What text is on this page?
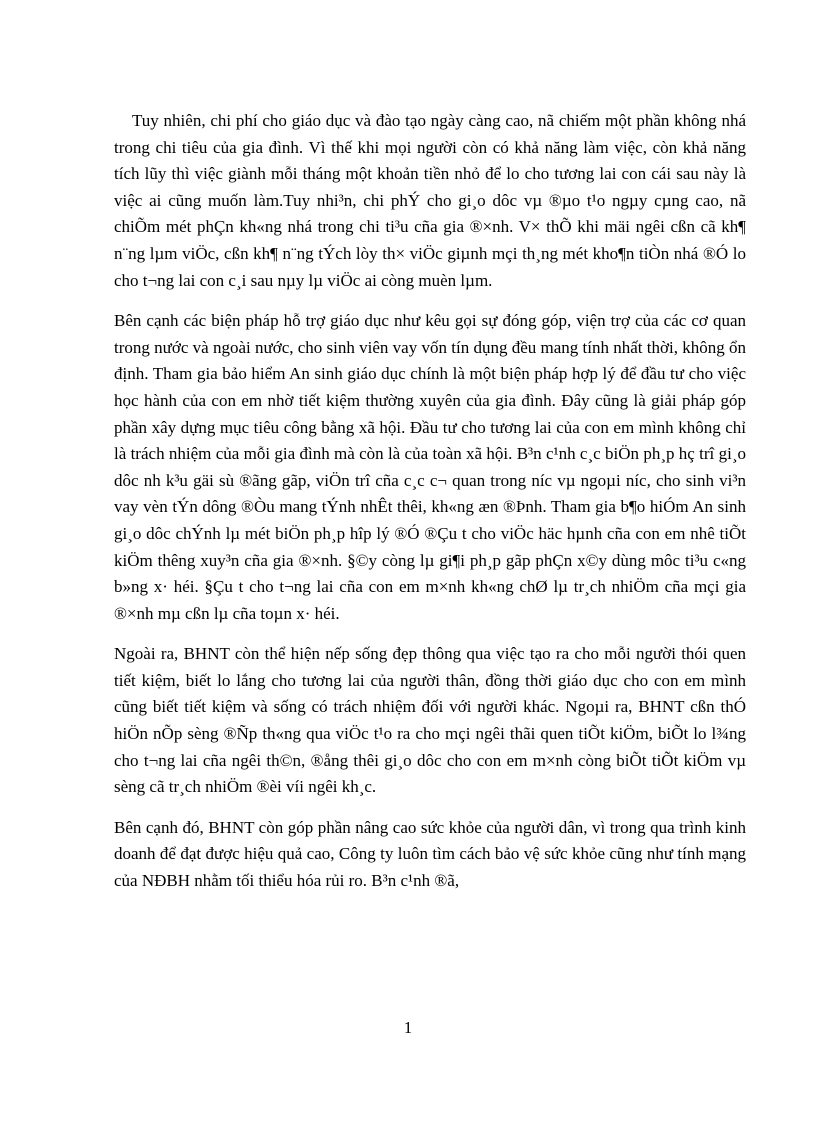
Tuy nhiên, chi phí cho giáo dục và đào tạo ngày càng cao, nã chiếm một phần không nhá trong chi tiêu của gia đình. Vì thế khi mọi người còn có khả năng làm việc, còn khả năng tích lũy thì việc giành mỗi tháng một khoản tiền nhỏ để lo cho tương lai con cái sau này là việc ai cũng muốn làm.Tuy nhi³n, chi phÝ cho gi¸o dôc vµ ®µo t¹o ngµy cµng cao, nã chiÕm mét phÇn kh«ng nhá trong chi ti³u cña gia ®×nh. V× thÕ khi mäi ngêi cßn cã kh¶ n¨ng lµm viÖc, cßn kh¶ n¨ng tÝch lòy th× viÖc giµnh mçi th¸ng mét kho¶n tiÒn nhá ®Ó lo cho t¬ng lai con c¸i sau nµy lµ viÖc ai còng muèn lµm.

Bên cạnh các biện pháp hỗ trợ giáo dục như kêu gọi sự đóng góp, viện trợ của các cơ quan trong nước và ngoài nước, cho sinh viên vay vốn tín dụng đều mang tính nhất thời, không ổn định. Tham gia bảo hiểm An sinh giáo dục chính là một biện pháp hợp lý để đầu tư cho việc học hành của con em nhờ tiết kiệm thường xuyên của gia đình. Đây cũng là giải pháp góp phần xây dựng mục tiêu công bằng xã hội. Đầu tư cho tương lai của con em mình không chỉ là trách nhiệm của mỗi gia đình mà còn là của toàn xã hội. B³n c¹nh c¸c biÖn ph¸p hç trî gi¸o dôc nh k³u gäi sù ®ãng gãp, viÖn trî cña c¸c c¬ quan trong níc vµ ngoµi níc, cho sinh vi³n vay vèn tÝn dông ®Òu mang tÝnh nhÊt thêi, kh«ng æn ®Þnh. Tham gia b¶o hiÓm An sinh gi¸o dôc chÝnh lµ mét biÖn ph¸p hîp lý ®Ó ®Çu t cho viÖc häc hµnh cña con em nhê tiÕt kiÖm thêng xuy³n cña gia ®×nh. §©y còng lµ gi¶i ph¸p gãp phÇn x©y dùng môc ti³u c«ng b»ng x· héi. §Çu t cho t¬ng lai cña con em m×nh kh«ng chØ lµ tr¸ch nhiÖm cña mçi gia ®×nh mµ cßn lµ cña toµn x· héi.

Ngoài ra, BHNT còn thể hiện nếp sống đẹp thông qua việc tạo ra cho mỗi người thói quen tiết kiệm, biết lo lắng cho tương lai của người thân, đồng thời giáo dục cho con em mình cũng biết tiết kiệm và sống có trách nhiệm đối với người khác. Ngoµi ra, BHNT cßn thÓ hiÖn nÕp sèng ®Ñp th«ng qua viÖc t¹o ra cho mçi ngêi thãi quen tiÕt kiÖm, biÕt lo l¾ng cho t¬ng lai cña ngêi th©n, ®ång thêi gi¸o dôc cho con em m×nh còng biÕt tiÕt kiÖm vµ sèng cã tr¸ch nhiÖm ®èi víi ngêi kh¸c.

Bên cạnh đó, BHNT còn góp phần nâng cao sức khỏe của người dân, vì trong qua trình kinh doanh để đạt được hiệu quả cao, Công ty luôn tìm cách bảo vệ sức khỏe cũng như tính mạng của NĐBH nhằm tối thiểu hóa rủi ro. B³n c¹nh ®ã,

1
